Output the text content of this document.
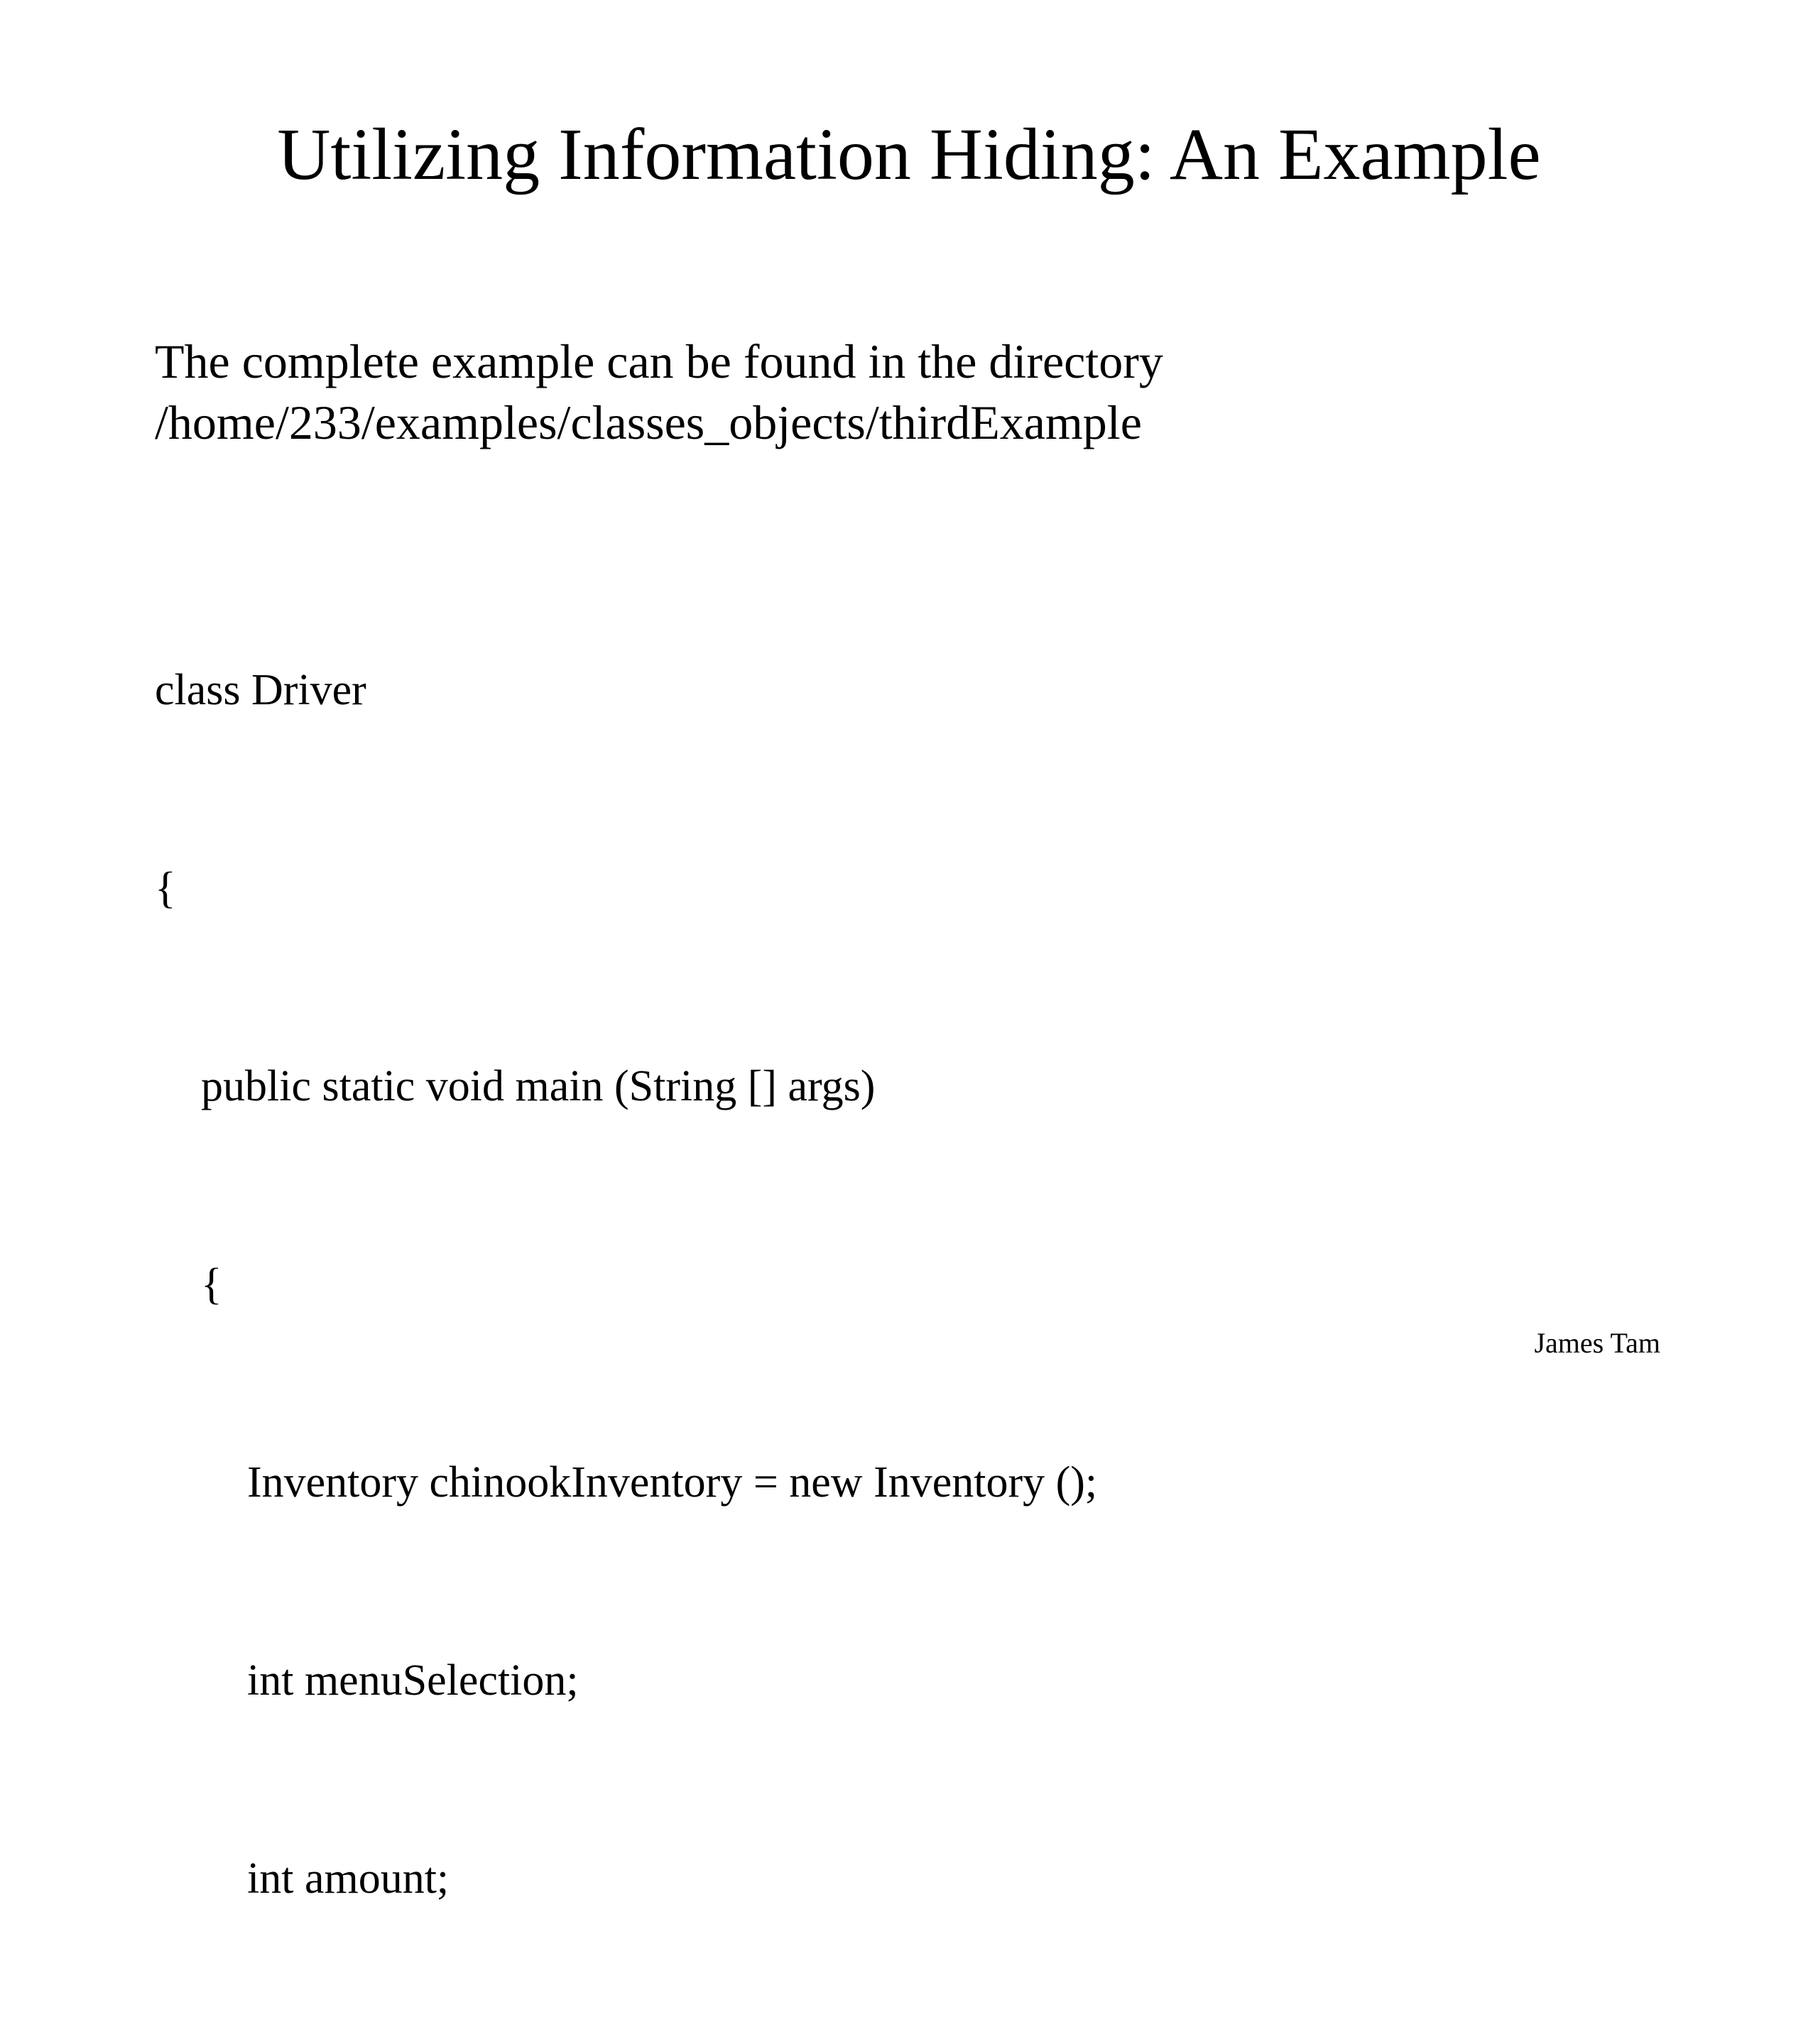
Utilizing Information Hiding: An Example
The complete example can be found in the directory
/home/233/examples/classes_objects/thirdExample

class Driver

{

public static void main (String [] args)

{

Inventory chinookInventory = new Inventory ();

int menuSelection;

int amount;

James Tam
